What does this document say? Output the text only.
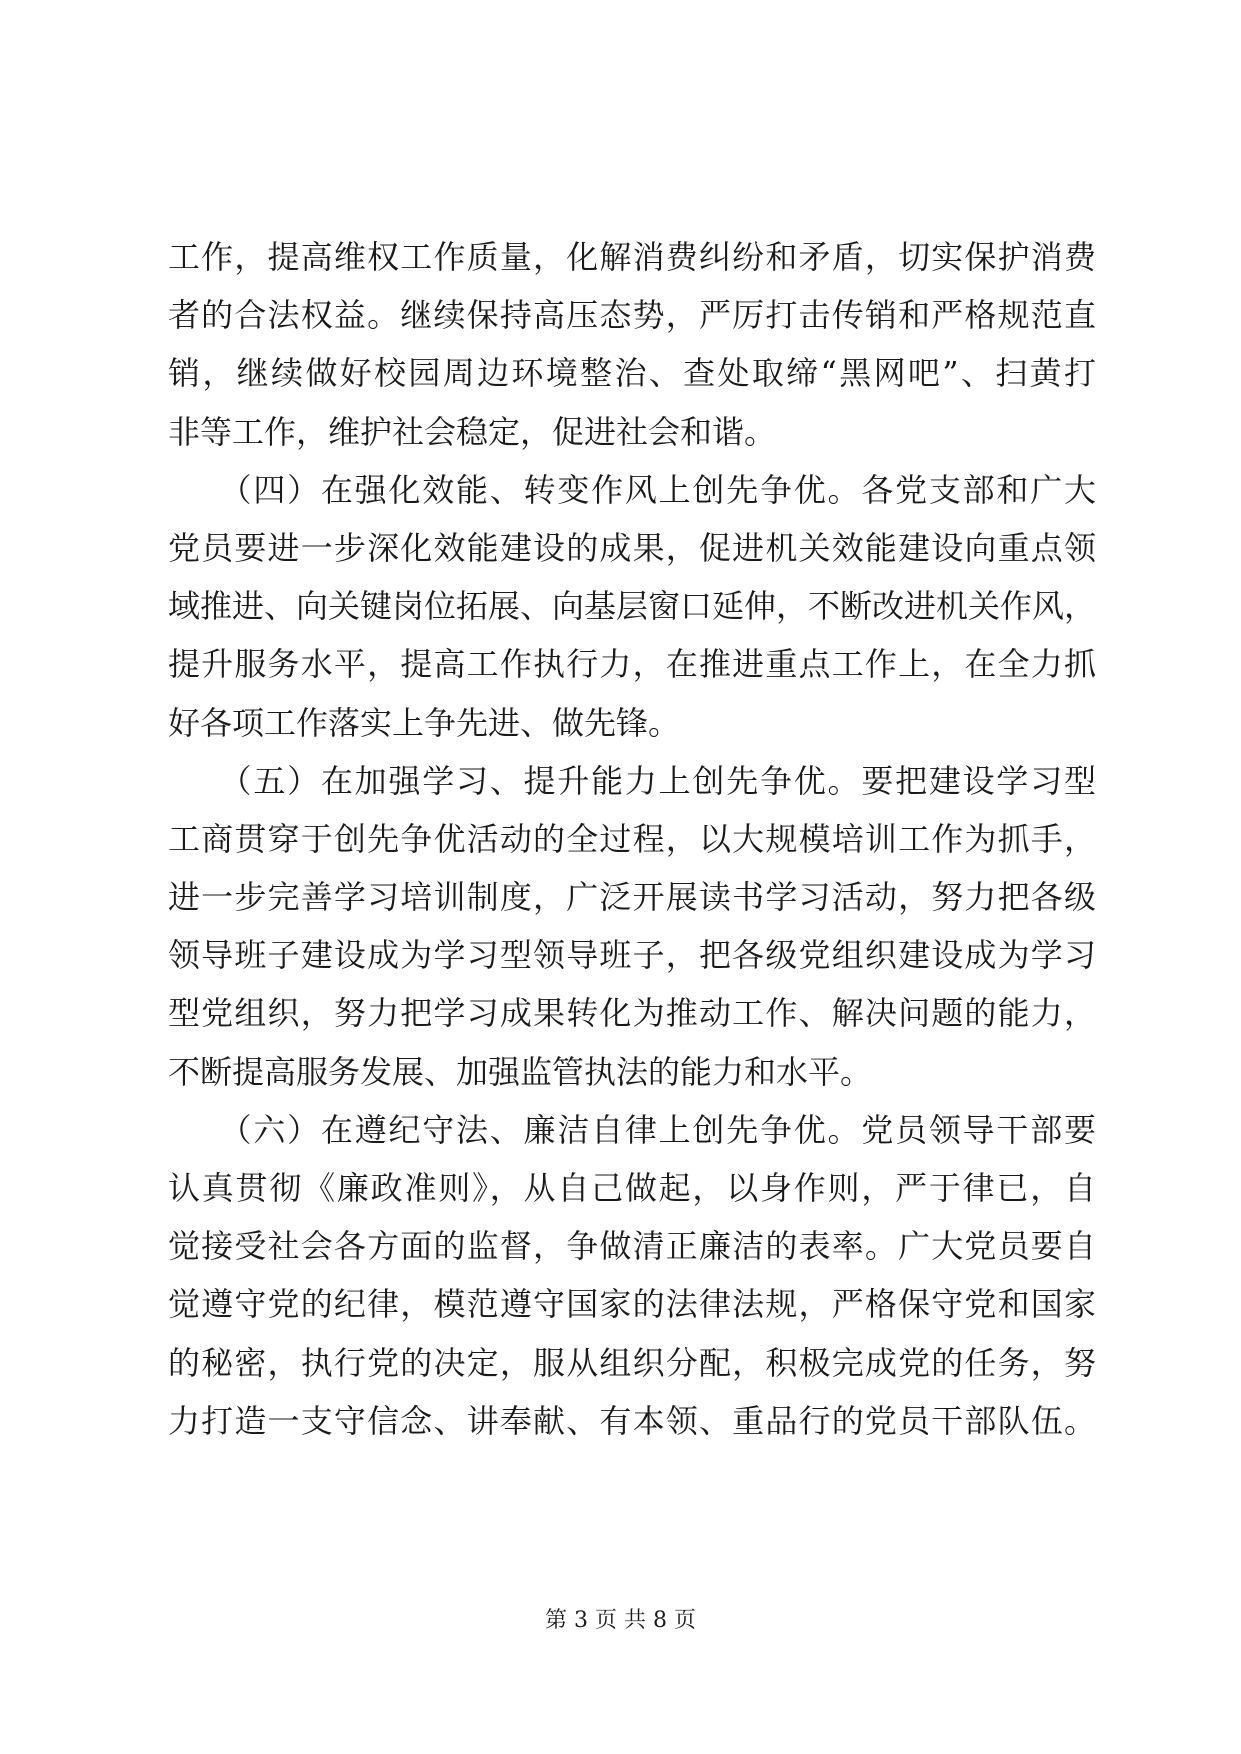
工作，提高维权工作质量，化解消费纠纷和矛盾，切实保护消费
者的合法权益。继续保持高压态势，严厉打击传销和严格规范直
销，继续做好校园周边环境整治、查处取缔“黑网吧”、扫黄打
非等工作，维护社会稳定，促进社会和谐。
　　（四）在强化效能、转变作风上创先争优。各党支部和广大
党员要进一步深化效能建设的成果，促进机关效能建设向重点领
域推进、向关键岗位拓展、向基层窗口延伸，不断改进机关作风，
提升服务水平，提高工作执行力，在推进重点工作上，在全力抓
好各项工作落实上争先进、做先锋。
　　（五）在加强学习、提升能力上创先争优。要把建设学习型
工商贯穿于创先争优活动的全过程，以大规模培训工作为抓手，
进一步完善学习培训制度，广泛开展读书学习活动，努力把各级
领导班子建设成为学习型领导班子，把各级党组织建设成为学习
型党组织，努力把学习成果转化为推动工作、解决问题的能力，
不断提高服务发展、加强监管执法的能力和水平。
　　（六）在遵纪守法、廉洁自律上创先争优。党员领导干部要
认真贯彻《廉政准则》，从自己做起，以身作则，严于律已，自
觉接受社会各方面的监督，争做清正廉洁的表率。广大党员要自
觉遵守党的纪律，模范遵守国家的法律法规，严格保守党和国家
的秘密，执行党的决定，服从组织分配，积极完成党的任务，努
力打造一支守信念、讲奉献、有本领、重品行的党员干部队伍。
第 3 页 共 8 页
